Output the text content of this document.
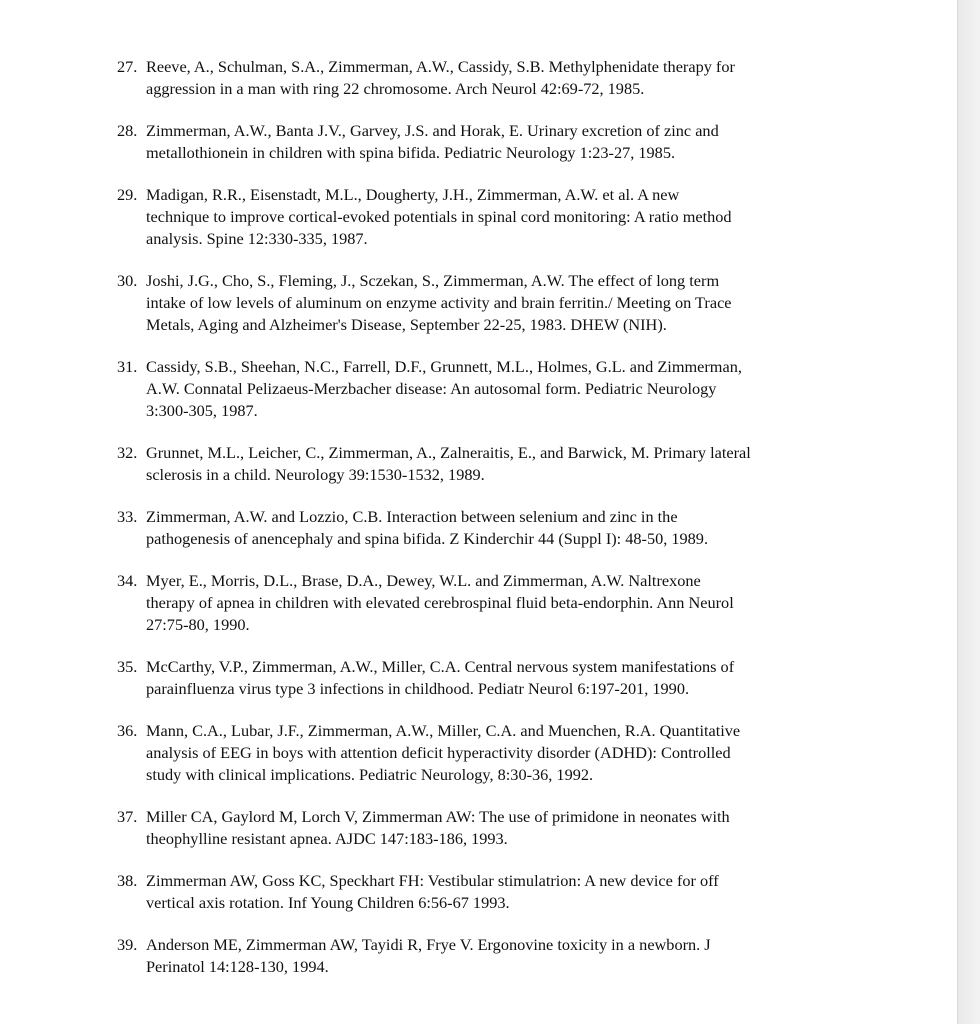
27. Reeve, A., Schulman, S.A., Zimmerman, A.W., Cassidy, S.B. Methylphenidate therapy for
aggression in a man with ring 22 chromosome. Arch Neurol 42:69-72, 1985.
28. Zimmerman, A.W., Banta J.V., Garvey, J.S. and Horak, E. Urinary excretion of zinc and
metallothionein in children with spina bifida. Pediatric Neurology 1:23-27, 1985.
29. Madigan, R.R., Eisenstadt, M.L., Dougherty, J.H., Zimmerman, A.W. et al. A new
technique to improve cortical-evoked potentials in spinal cord monitoring: A ratio method
analysis. Spine 12:330-335, 1987.
30. Joshi, J.G., Cho, S., Fleming, J., Sczekan, S., Zimmerman, A.W. The effect of long term
intake of low levels of aluminum on enzyme activity and brain ferritin./ Meeting on Trace
Metals, Aging and Alzheimer's Disease, September 22-25, 1983. DHEW (NIH).
31. Cassidy, S.B., Sheehan, N.C., Farrell, D.F., Grunnett, M.L., Holmes, G.L. and Zimmerman,
A.W. Connatal Pelizaeus-Merzbacher disease: An autosomal form. Pediatric Neurology
3:300-305, 1987.
32. Grunnet, M.L., Leicher, C., Zimmerman, A., Zalneraitis, E., and Barwick, M. Primary lateral
sclerosis in a child. Neurology 39:1530-1532, 1989.
33. Zimmerman, A.W. and Lozzio, C.B. Interaction between selenium and zinc in the
pathogenesis of anencephaly and spina bifida. Z Kinderchir 44 (Suppl I): 48-50, 1989.
34. Myer, E., Morris, D.L., Brase, D.A., Dewey, W.L. and Zimmerman, A.W. Naltrexone
therapy of apnea in children with elevated cerebrospinal fluid beta-endorphin. Ann Neurol
27:75-80, 1990.
35. McCarthy, V.P., Zimmerman, A.W., Miller, C.A. Central nervous system manifestations of
parainfluenza virus type 3 infections in childhood. Pediatr Neurol 6:197-201, 1990.
36. Mann, C.A., Lubar, J.F., Zimmerman, A.W., Miller, C.A. and Muenchen, R.A. Quantitative
analysis of EEG in boys with attention deficit hyperactivity disorder (ADHD): Controlled
study with clinical implications. Pediatric Neurology, 8:30-36, 1992.
37. Miller CA, Gaylord M, Lorch V, Zimmerman AW: The use of primidone in neonates with
theophylline resistant apnea. AJDC 147:183-186, 1993.
38. Zimmerman AW, Goss KC, Speckhart FH: Vestibular stimulatrion: A new device for off
vertical axis rotation. Inf Young Children 6:56-67 1993.
39. Anderson ME, Zimmerman AW, Tayidi R, Frye V. Ergonovine toxicity in a newborn. J
Perinatol 14:128-130, 1994.
